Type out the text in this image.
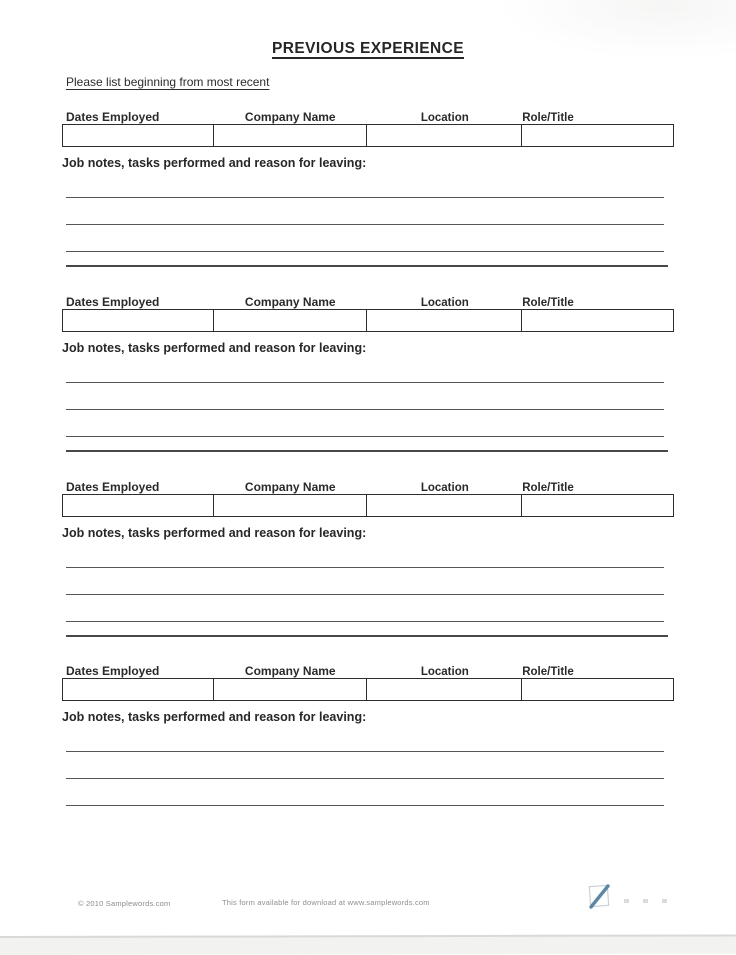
PREVIOUS EXPERIENCE
Please list beginning from most recent
Dates Employed	Company Name	Location	Role/Title
Job notes, tasks performed and reason for leaving:
Dates Employed	Company Name	Location	Role/Title
Job notes, tasks performed and reason for leaving:
Dates Employed	Company Name	Location	Role/Title
Job notes, tasks performed and reason for leaving:
Dates Employed	Company Name	Location	Role/Title
Job notes, tasks performed and reason for leaving:
© 2010 Samplewords.com	This form available for download at www.samplewords.com
